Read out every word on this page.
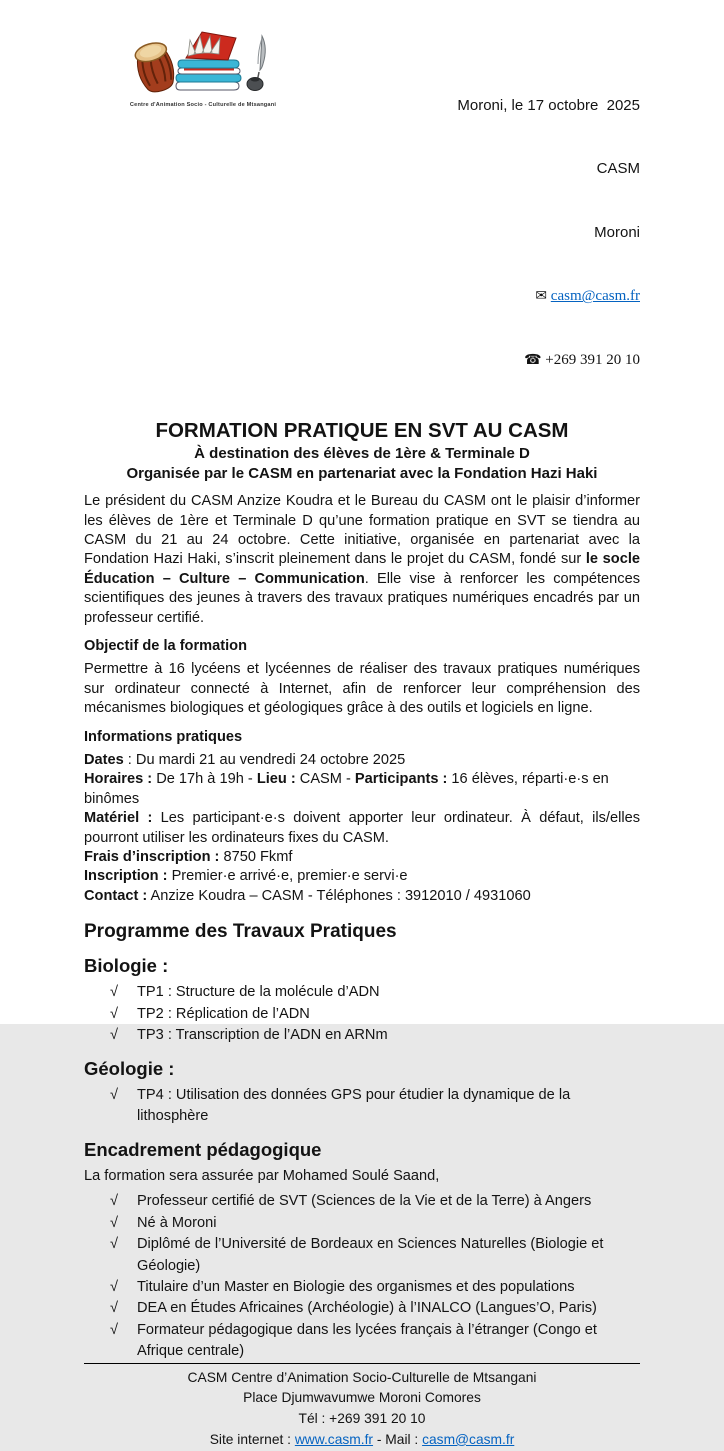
Centre d'Animation Socio - Culturelle de Mtsangani

	Moroni, le 17 octobre  2025

CASM

Moroni

✉ casm@casm.fr

☎ +269 391 20 10

FORMATION PRATIQUE EN SVT AU CASM
À destination des élèves de 1ère & Terminale D
Organisée par le CASM en partenariat avec la Fondation Hazi Haki
Le président du CASM Anzize Koudra et le Bureau du CASM ont le plaisir d’informer les élèves de 1ère et Terminale D qu’une formation pratique en SVT se tiendra au CASM du 21 au 24 octobre. Cette initiative, organisée en partenariat avec la Fondation Hazi Haki, s’inscrit pleinement dans le projet du CASM, fondé sur le socle Éducation – Culture – Communication. Elle vise à renforcer les compétences scientifiques des jeunes à travers des travaux pratiques numériques encadrés par un professeur certifié.
Objectif de la formation
Permettre à 16 lycéens et lycéennes de réaliser des travaux pratiques numériques sur ordinateur connecté à Internet, afin de renforcer leur compréhension des mécanismes biologiques et géologiques grâce à des outils et logiciels en ligne.
Informations pratiques
Dates : Du mardi 21 au vendredi 24 octobre 2025
Horaires : De 17h à 19h - Lieu : CASM - Participants : 16 élèves, réparti·e·s en binômes
Matériel : Les participant·e·s doivent apporter leur ordinateur. À défaut, ils/elles pourront utiliser les ordinateurs fixes du CASM.
Frais d’inscription : 8750 Fkmf
Inscription : Premier·e arrivé·e, premier·e servi·e
Contact : Anzize Koudra – CASM - Téléphones : 3912010 / 4931060
Programme des Travaux Pratiques
Biologie :
√ TP1 : Structure de la molécule d’ADN
√ TP2 : Réplication de l’ADN
√ TP3 : Transcription de l’ADN en ARNm
Géologie :
√ TP4 : Utilisation des données GPS pour étudier la dynamique de la lithosphère
Encadrement pédagogique
La formation sera assurée par Mohamed Soulé Saand,
√ Professeur certifié de SVT (Sciences de la Vie et de la Terre) à Angers
√ Né à Moroni
√ Diplômé de l’Université de Bordeaux en Sciences Naturelles (Biologie et Géologie)
√ Titulaire d’un Master en Biologie des organismes et des populations
√ DEA en Études Africaines (Archéologie) à l’INALCO (Langues’O, Paris)
√ Formateur pédagogique dans les lycées français à l’étranger (Congo et Afrique centrale)
CASM Centre d’Animation Socio-Culturelle de Mtsangani
Place Djumwavumwe Moroni Comores
Tél : +269 391 20 10
Site internet : www.casm.fr - Mail : casm@casm.fr
